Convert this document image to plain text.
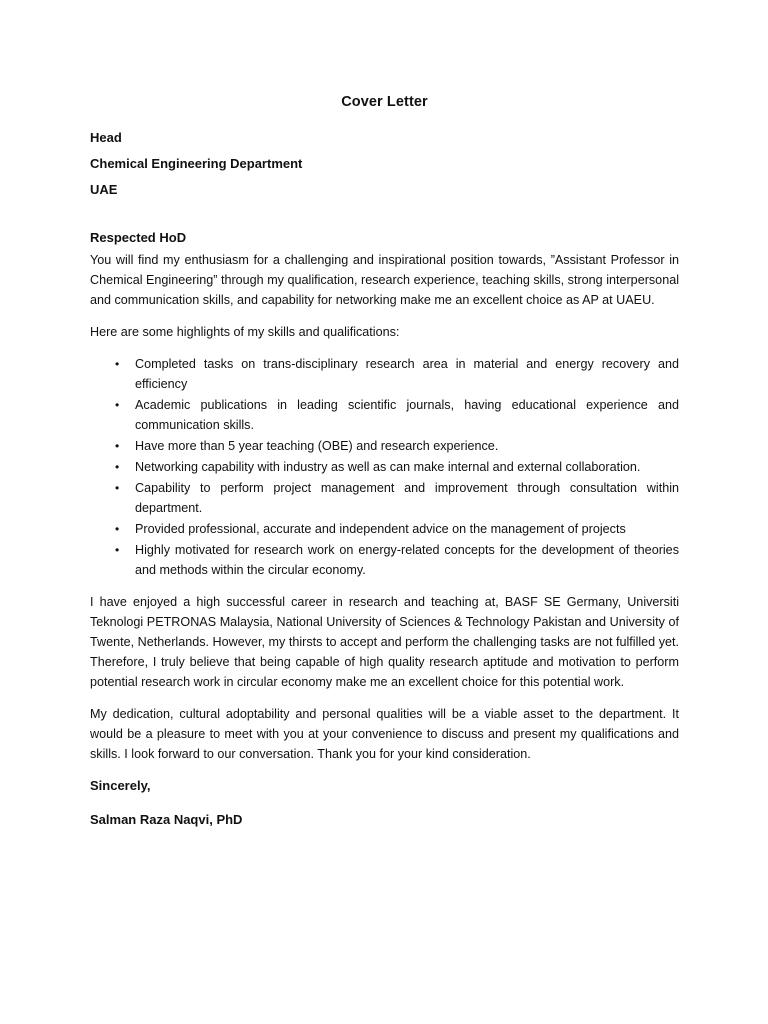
Cover Letter
Head
Chemical Engineering Department
UAE
Respected HoD

You will find my enthusiasm for a challenging and inspirational position towards, ”Assistant Professor in Chemical Engineering” through my qualification, research experience, teaching skills, strong interpersonal and communication skills, and capability for networking make me an excellent choice as AP at UAEU.

Here are some highlights of my skills and qualifications:

• Completed tasks on trans-disciplinary research area in material and energy recovery and efficiency
• Academic publications in leading scientific journals, having educational experience and communication skills.
• Have more than 5 year teaching (OBE) and research experience.
• Networking capability with industry as well as can make internal and external collaboration.
• Capability to perform project management and improvement through consultation within department.
• Provided professional, accurate and independent advice on the management of projects
• Highly motivated for research work on energy-related concepts for the development of theories and methods within the circular economy.

I have enjoyed a high successful career in research and teaching at, BASF SE Germany, Universiti Teknologi PETRONAS Malaysia, National University of Sciences & Technology Pakistan and University of Twente, Netherlands. However, my thirsts to accept and perform the challenging tasks are not fulfilled yet. Therefore, I truly believe that being capable of high quality research aptitude and motivation to perform potential research work in circular economy make me an excellent choice for this potential work.

My dedication, cultural adoptability and personal qualities will be a viable asset to the department. It would be a pleasure to meet with you at your convenience to discuss and present my qualifications and skills. I look forward to our conversation. Thank you for your kind consideration.

Sincerely,
Salman Raza Naqvi, PhD
